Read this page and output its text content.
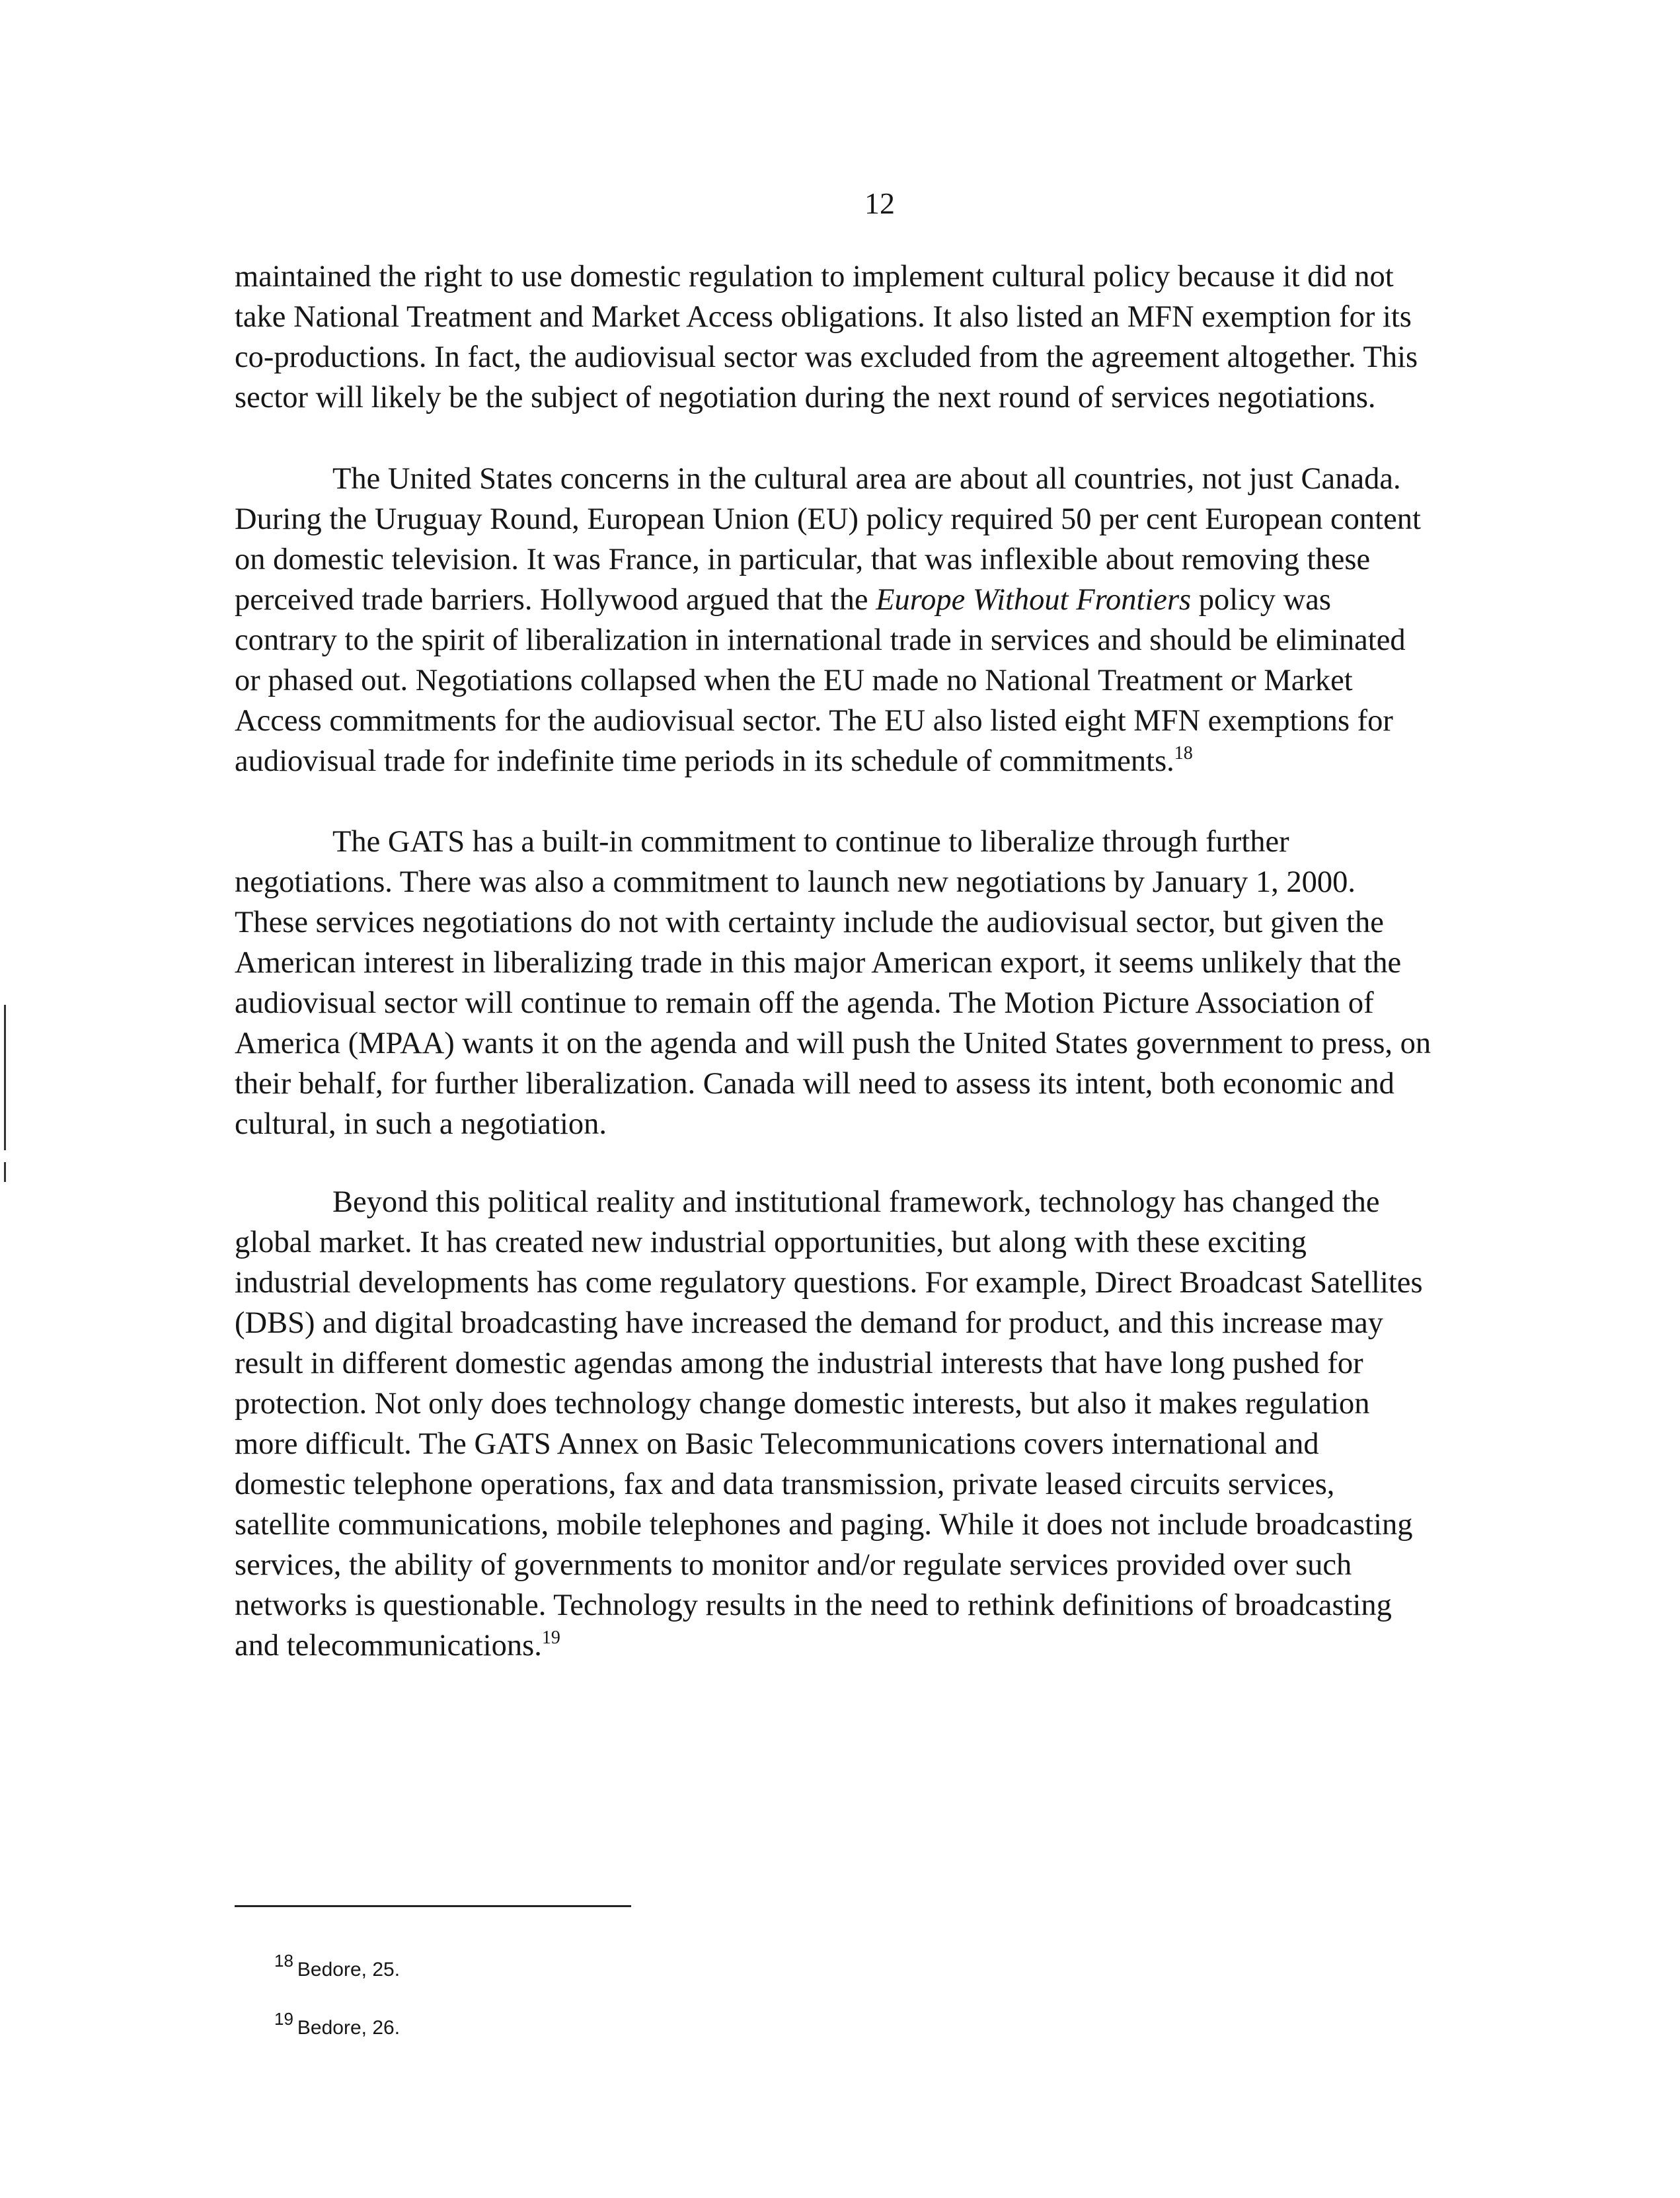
12
maintained the right to use domestic regulation to implement cultural policy because it did not
take National Treatment and Market Access obligations. It also listed an MFN exemption for its
co-productions. In fact, the audiovisual sector was excluded from the agreement altogether. This
sector will likely be the subject of negotiation during the next round of services negotiations.
The United States concerns in the cultural area are about all countries, not just Canada.
During the Uruguay Round, European Union (EU) policy required 50 per cent European content
on domestic television. It was France, in particular, that was inflexible about removing these
perceived trade barriers. Hollywood argued that the Europe Without Frontiers policy was
contrary to the spirit of liberalization in international trade in services and should be eliminated
or phased out. Negotiations collapsed when the EU made no National Treatment or Market
Access commitments for the audiovisual sector. The EU also listed eight MFN exemptions for
audiovisual trade for indefinite time periods in its schedule of commitments.$^{18}$
The GATS has a built-in commitment to continue to liberalize through further
negotiations. There was also a commitment to launch new negotiations by January 1, 2000.
These services negotiations do not with certainty include the audiovisual sector, but given the
American interest in liberalizing trade in this major American export, it seems unlikely that the
audiovisual sector will continue to remain off the agenda. The Motion Picture Association of
America (MPAA) wants it on the agenda and will push the United States government to press, on
their behalf, for further liberalization. Canada will need to assess its intent, both economic and
cultural, in such a negotiation.
Beyond this political reality and institutional framework, technology has changed the
global market. It has created new industrial opportunities, but along with these exciting
industrial developments has come regulatory questions. For example, Direct Broadcast Satellites
(DBS) and digital broadcasting have increased the demand for product, and this increase may
result in different domestic agendas among the industrial interests that have long pushed for
protection. Not only does technology change domestic interests, but also it makes regulation
more difficult. The GATS Annex on Basic Telecommunications covers international and
domestic telephone operations, fax and data transmission, private leased circuits services,
satellite communications, mobile telephones and paging. While it does not include broadcasting
services, the ability of governments to monitor and/or regulate services provided over such
networks is questionable. Technology results in the need to rethink definitions of broadcasting
and telecommunications.$^{19}$
18 Bedore, 25.
19 Bedore, 26.
